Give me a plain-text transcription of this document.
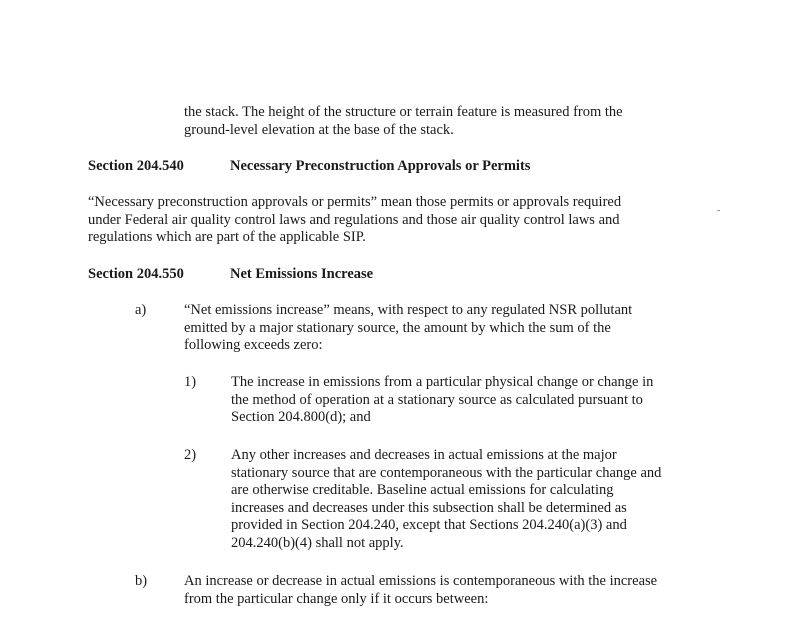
the stack. The height of the structure or terrain feature is measured from the
ground-level elevation at the base of the stack.
Section 204.540	Necessary Preconstruction Approvals or Permits
“Necessary preconstruction approvals or permits” mean those permits or approvals required
under Federal air quality control laws and regulations and those air quality control laws and
regulations which are part of the applicable SIP.
Section 204.550	Net Emissions Increase
a)	“Net emissions increase” means, with respect to any regulated NSR pollutant
emitted by a major stationary source, the amount by which the sum of the
following exceeds zero:
1) The increase in emissions from a particular physical change or change in
the method of operation at a stationary source as calculated pursuant to
Section 204.800(d); and
2) Any other increases and decreases in actual emissions at the major
stationary source that are contemporaneous with the particular change and
are otherwise creditable. Baseline actual emissions for calculating
increases and decreases under this subsection shall be determined as
provided in Section 204.240, except that Sections 204.240(a)(3) and
204.240(b)(4) shall not apply.
b)	An increase or decrease in actual emissions is contemporaneous with the increase
from the particular change only if it occurs between:
